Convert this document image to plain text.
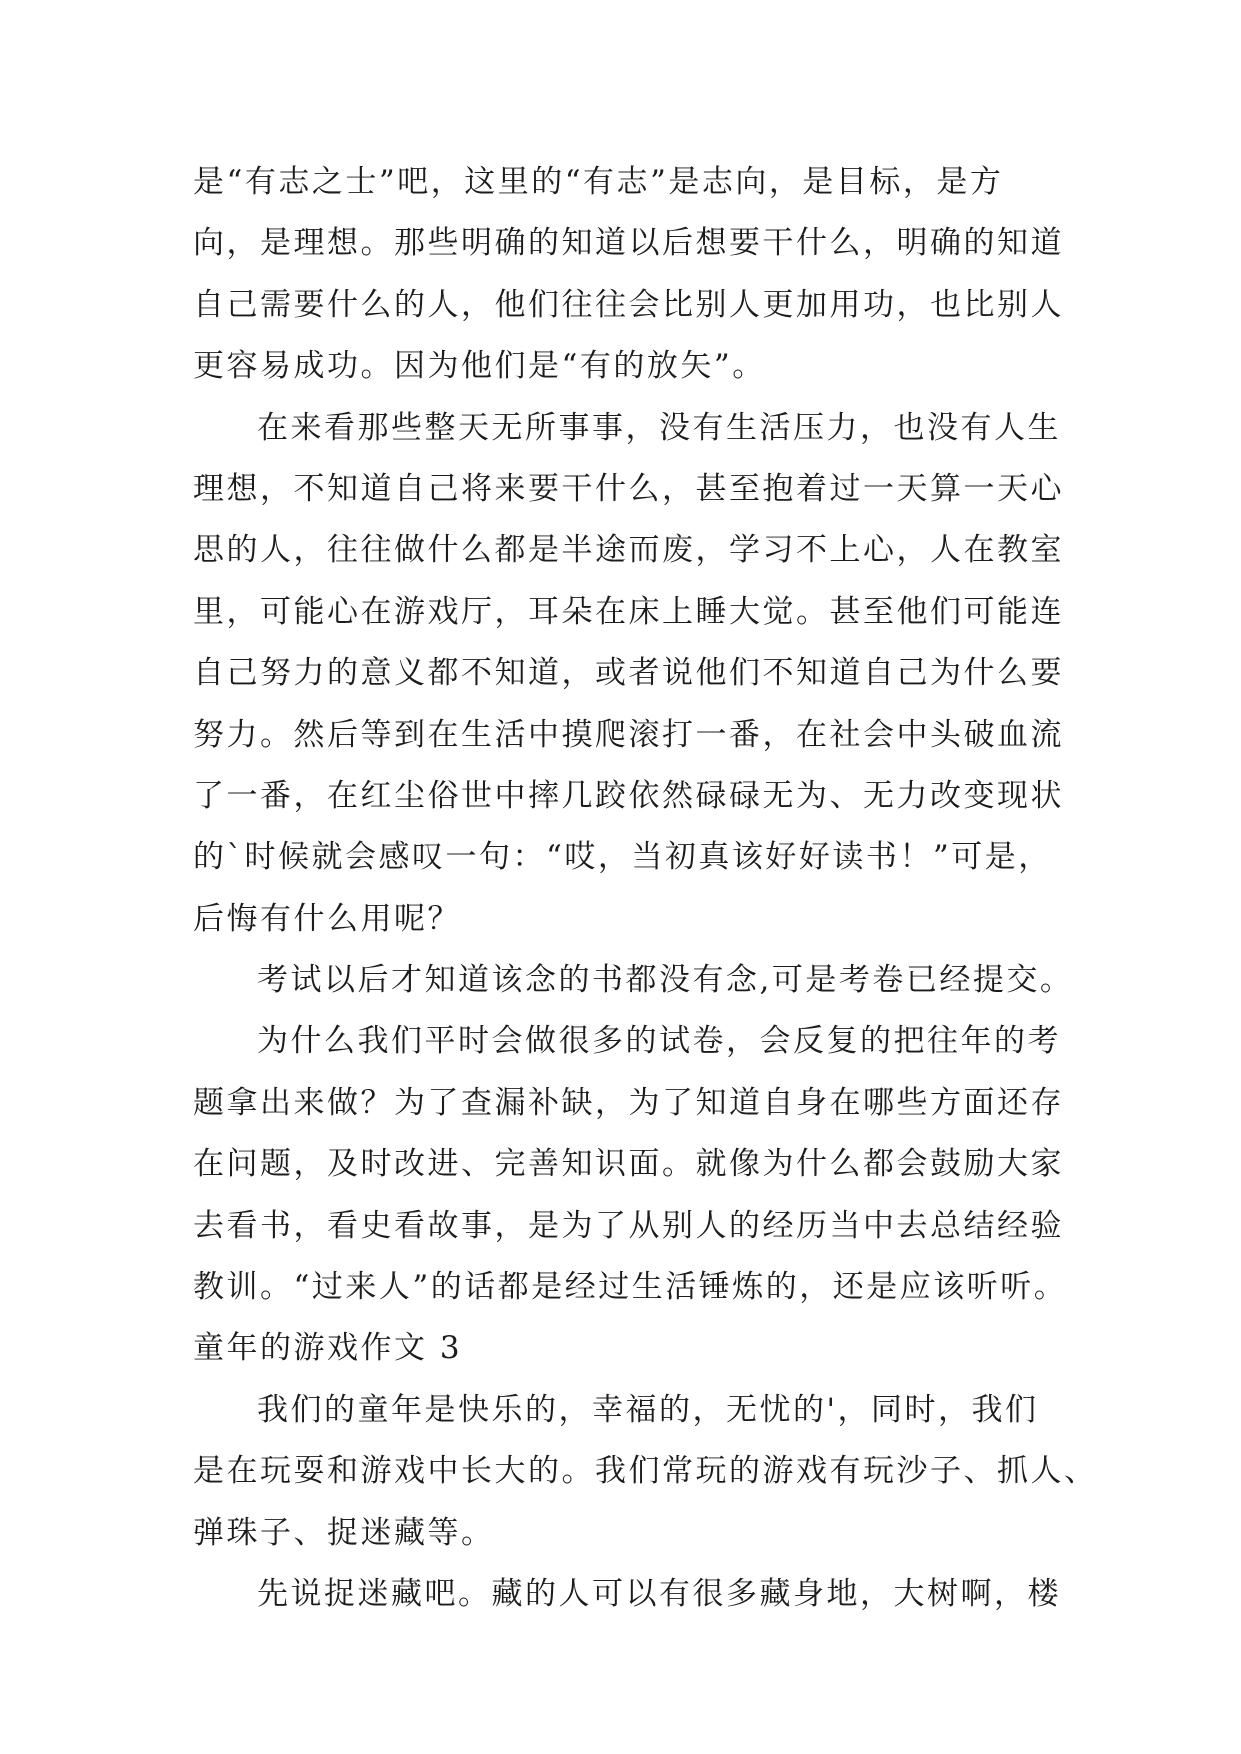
是“有志之士”吧，这里的“有志”是志向，是目标，是方
向，是理想。那些明确的知道以后想要干什么，明确的知道
自己需要什么的人，他们往往会比别人更加用功，也比别人
更容易成功。因为他们是“有的放矢”。
在来看那些整天无所事事，没有生活压力，也没有人生
理想，不知道自己将来要干什么，甚至抱着过一天算一天心
思的人，往往做什么都是半途而废，学习不上心，人在教室
里，可能心在游戏厅，耳朵在床上睡大觉。甚至他们可能连
自己努力的意义都不知道，或者说他们不知道自己为什么要
努力。然后等到在生活中摸爬滚打一番，在社会中头破血流
了一番，在红尘俗世中摔几跤依然碌碌无为、无力改变现状
的`时候就会感叹一句：“哎，当初真该好好读书！”可是，
后悔有什么用呢？
考试以后才知道该念的书都没有念,可是考卷已经提交。
为什么我们平时会做很多的试卷，会反复的把往年的考
题拿出来做？为了查漏补缺，为了知道自身在哪些方面还存
在问题，及时改进、完善知识面。就像为什么都会鼓励大家
去看书，看史看故事，是为了从别人的经历当中去总结经验
教训。“过来人”的话都是经过生活锤炼的，还是应该听听。
童年的游戏作文 3
我们的童年是快乐的，幸福的，无忧的'，同时，我们
是在玩耍和游戏中长大的。我们常玩的游戏有玩沙子、抓人、
弹珠子、捉迷藏等。
先说捉迷藏吧。藏的人可以有很多藏身地，大树啊，楼
